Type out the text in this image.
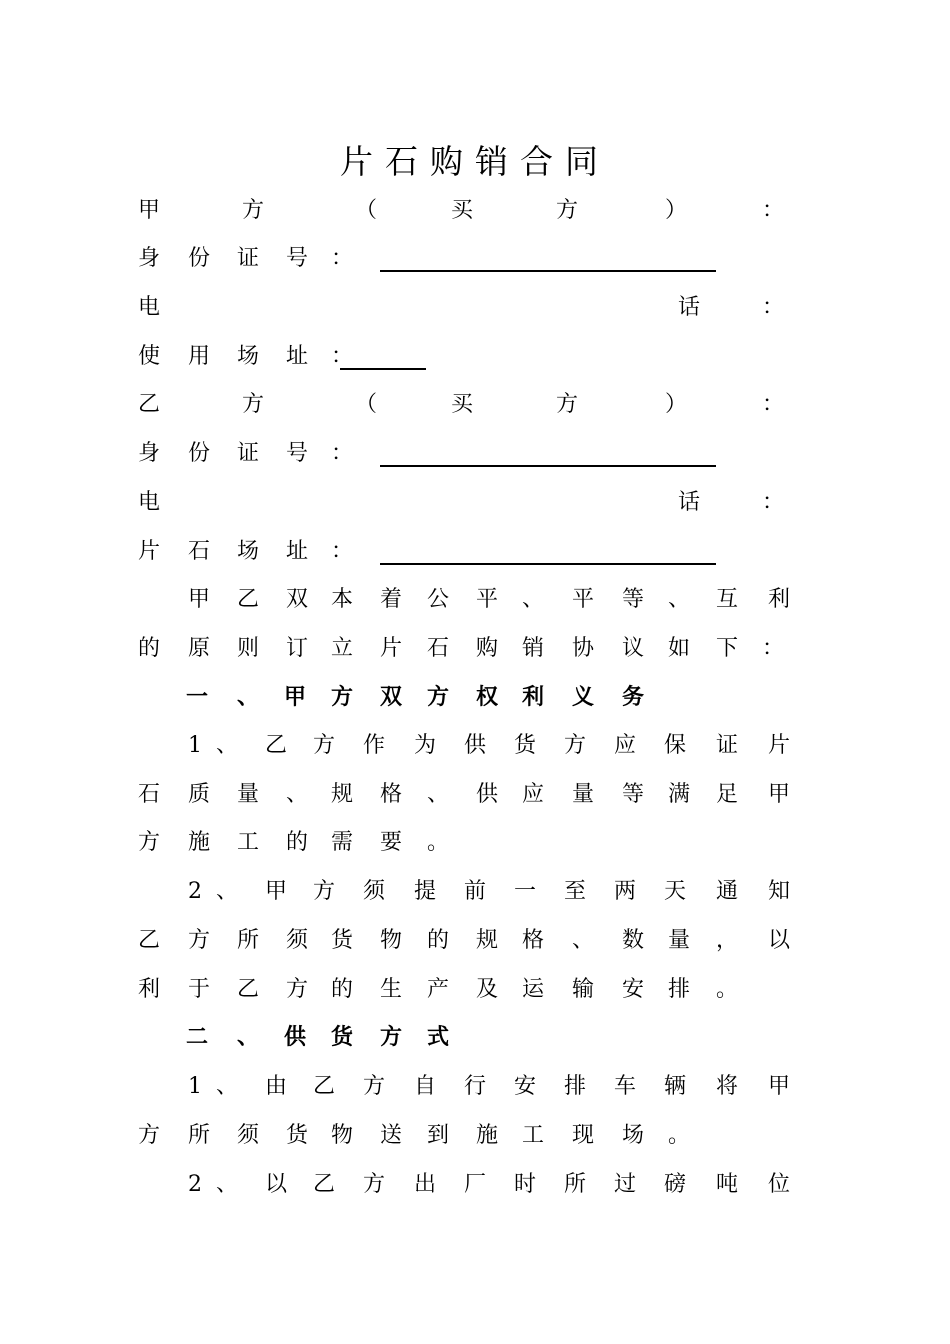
片石购销合同
甲	方	（	买	方	）	：
身 份 证 号 ：
电	话	：
使 用 场 址 ：
乙	方	（	买	方	）	：
身 份 证 号 ：
电	话	：
片 石 场 址 ：
甲 乙 双 本 着 公 平 、 平 等 、 互 利
的 原 则 订 立 片 石 购 销 协 议 如 下 ：
一 、 甲 方 双 方 权 利 义 务
1 、 乙 方 作 为 供 货 方 应 保 证 片
石 质 量 、 规 格 、 供 应 量 等 满 足 甲
方 施 工 的 需 要 。
2 、 甲 方 须 提 前 一 至 两 天 通 知
乙 方 所 须 货 物 的 规 格 、 数 量 ， 以
利 于 乙 方 的 生 产 及 运 输 安 排 。
二 、 供 货 方 式
1 、 由 乙 方 自 行 安 排 车 辆 将 甲
方 所 须 货 物 送 到 施 工 现 场 。
2 、 以 乙 方 出 厂 时 所 过 磅 吨 位
